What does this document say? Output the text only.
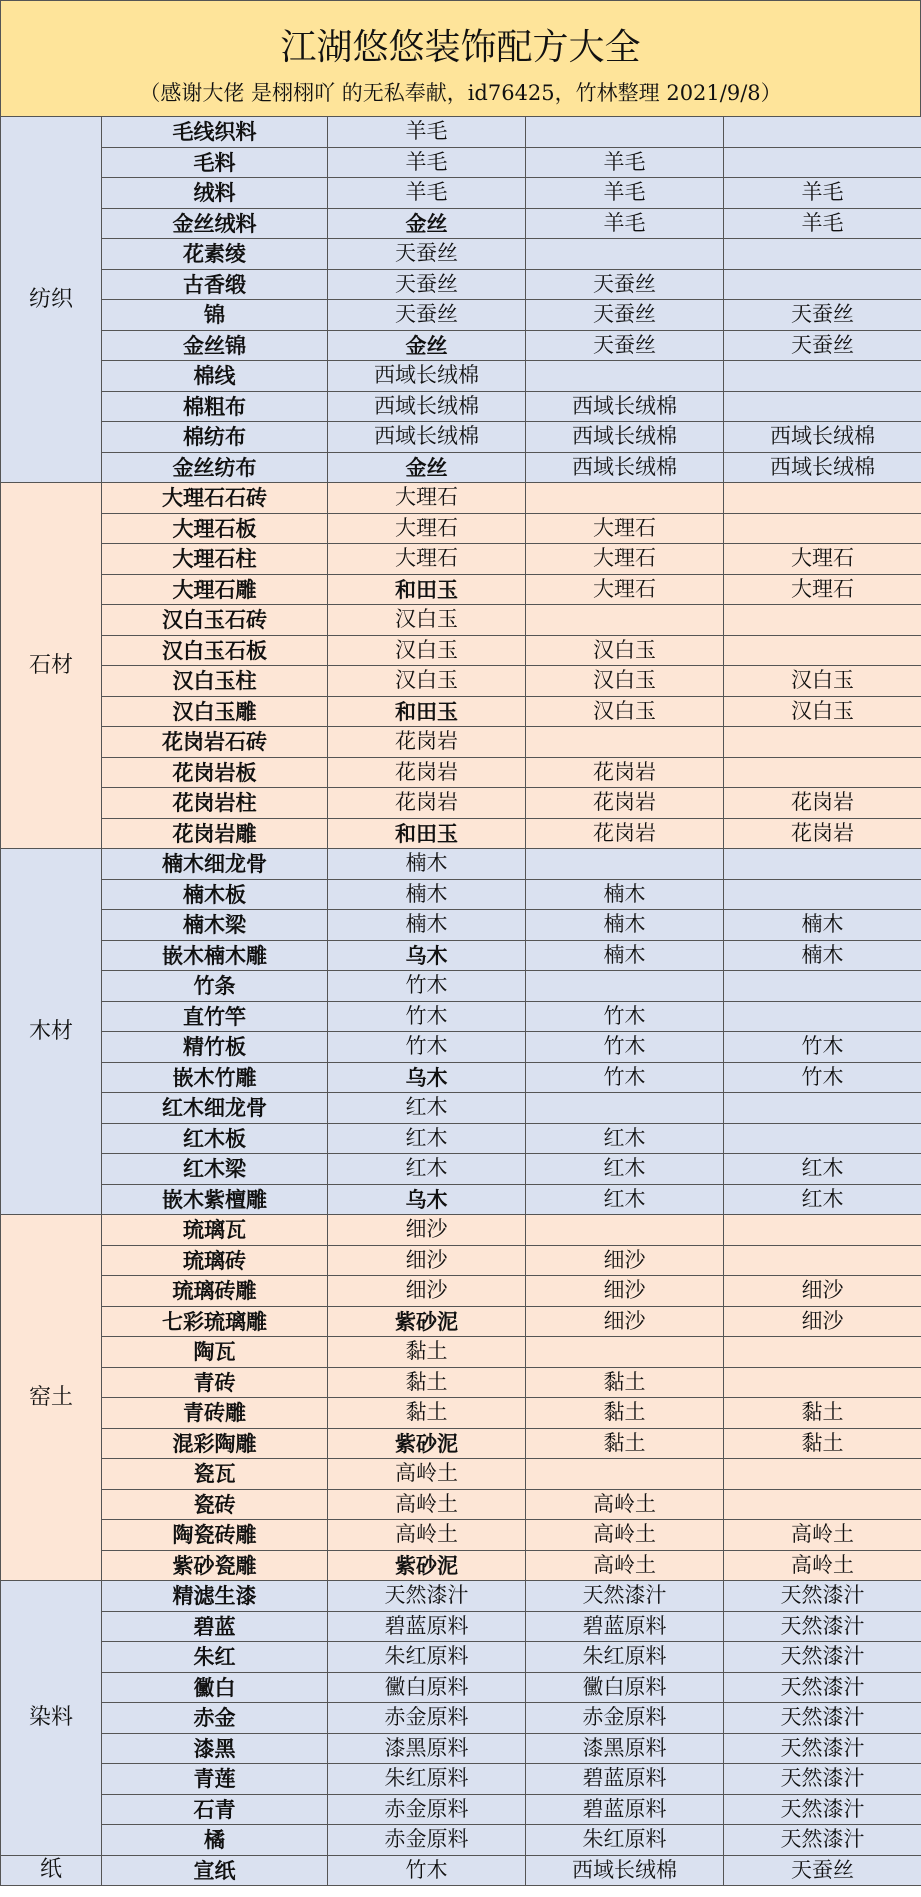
江湖悠悠装饰配方大全
（感谢大佬 是栩栩吖 的无私奉献，id76425，竹林整理 2021/9/8）
纺织	毛线织料	羊毛		
	毛料	羊毛	羊毛	
	绒料	羊毛	羊毛	羊毛
	金丝绒料	金丝	羊毛	羊毛
	花素绫	天蚕丝		
	古香缎	天蚕丝	天蚕丝	
	锦	天蚕丝	天蚕丝	天蚕丝
	金丝锦	金丝	天蚕丝	天蚕丝
	棉线	西域长绒棉		
	棉粗布	西域长绒棉	西域长绒棉	
	棉纺布	西域长绒棉	西域长绒棉	西域长绒棉
	金丝纺布	金丝	西域长绒棉	西域长绒棉
石材	大理石石砖	大理石		
	大理石板	大理石	大理石	
	大理石柱	大理石	大理石	大理石
	大理石雕	和田玉	大理石	大理石
	汉白玉石砖	汉白玉		
	汉白玉石板	汉白玉	汉白玉	
	汉白玉柱	汉白玉	汉白玉	汉白玉
	汉白玉雕	和田玉	汉白玉	汉白玉
	花岗岩石砖	花岗岩		
	花岗岩板	花岗岩	花岗岩	
	花岗岩柱	花岗岩	花岗岩	花岗岩
	花岗岩雕	和田玉	花岗岩	花岗岩
木材	楠木细龙骨	楠木		
	楠木板	楠木	楠木	
	楠木梁	楠木	楠木	楠木
	嵌木楠木雕	乌木	楠木	楠木
	竹条	竹木		
	直竹竿	竹木	竹木	
	精竹板	竹木	竹木	竹木
	嵌木竹雕	乌木	竹木	竹木
	红木细龙骨	红木		
	红木板	红木	红木	
	红木梁	红木	红木	红木
	嵌木紫檀雕	乌木	红木	红木
窑土	琉璃瓦	细沙		
	琉璃砖	细沙	细沙	
	琉璃砖雕	细沙	细沙	细沙
	七彩琉璃雕	紫砂泥	细沙	细沙
	陶瓦	黏土		
	青砖	黏土	黏土	
	青砖雕	黏土	黏土	黏土
	混彩陶雕	紫砂泥	黏土	黏土
	瓷瓦	高岭土		
	瓷砖	高岭土	高岭土	
	陶瓷砖雕	高岭土	高岭土	高岭土
	紫砂瓷雕	紫砂泥	高岭土	高岭土
染料	精滤生漆	天然漆汁	天然漆汁	天然漆汁
	碧蓝	碧蓝原料	碧蓝原料	天然漆汁
	朱红	朱红原料	朱红原料	天然漆汁
	黴白	黴白原料	黴白原料	天然漆汁
	赤金	赤金原料	赤金原料	天然漆汁
	漆黑	漆黑原料	漆黑原料	天然漆汁
	青莲	朱红原料	碧蓝原料	天然漆汁
	石青	赤金原料	碧蓝原料	天然漆汁
	橘	赤金原料	朱红原料	天然漆汁
纸	宣纸	竹木	西域长绒棉	天蚕丝
